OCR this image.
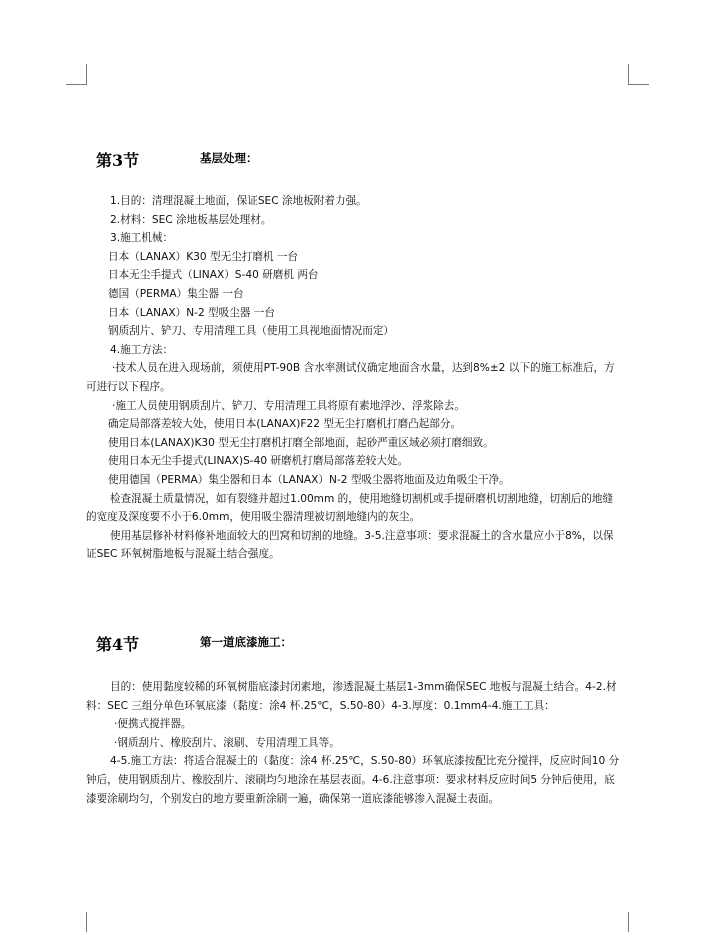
第3节	基层处理：

1.目的：清理混凝土地面，保证SEC 涂地板附着力强。

2.材料：SEC 涂地板基层处理材。

3.施工机械：

日本（LANAX）K30 型无尘打磨机 一台

日本无尘手提式（LINAX）S-40 研磨机 两台

德国（PERMA）集尘器 一台

日本（LANAX）N-2 型吸尘器 一台

钢质刮片、铲刀、专用清理工具（使用工具视地面情况而定）

4.施工方法：

·技术人员在进入现场前，须使用PT-90B 含水率测试仪确定地面含水量，达到8%±2 以下的施工标准后，方可进行以下程序。

·施工人员使用钢质刮片、铲刀、专用清理工具将原有素地浮沙、浮浆除去。

确定局部落差较大处，使用日本(LANAX)F22 型无尘打磨机打磨凸起部分。

使用日本(LANAX)K30 型无尘打磨机打磨全部地面，起砂严重区域必须打磨细致。

使用日本无尘手提式(LINAX)S-40 研磨机打磨局部落差较大处。

使用德国（PERMA）集尘器和日本（LANAX）N-2 型吸尘器将地面及边角吸尘干净。

检查混凝土质量情况，如有裂缝并超过1.00mm 的，使用地缝切割机或手提研磨机切割地缝，切割后的地缝的宽度及深度要不小于6.0mm，使用吸尘器清理被切割地缝内的灰尘。

使用基层修补材料修补地面较大的凹窝和切割的地缝。3-5.注意事项：要求混凝土的含水量应小于8%，以保证SEC 环氧树脂地板与混凝土结合强度。

第4节	第一道底漆施工：

目的：使用黏度较稀的环氧树脂底漆封闭素地，渗透混凝土基层1-3mm确保SEC 地板与混凝土结合。4-2.材料：SEC 三组分单色环氧底漆（黏度：涂4 杯.25℃，S.50-80）4-3.厚度：0.1mm4-4.施工工具：

·便携式搅拌器。

·钢质刮片、橡胶刮片、滚刷、专用清理工具等。

4-5.施工方法：将适合混凝土的（黏度：涂4 杯.25℃，S.50-80）环氧底漆按配比充分搅拌，反应时间10 分钟后，使用钢质刮片、橡胶刮片、滚刷均匀地涂在基层表面。4-6.注意事项：要求材料反应时间5 分钟后使用，底漆要涂刷均匀，个别发白的地方要重新涂刷一遍，确保第一道底漆能够渗入混凝土表面。
